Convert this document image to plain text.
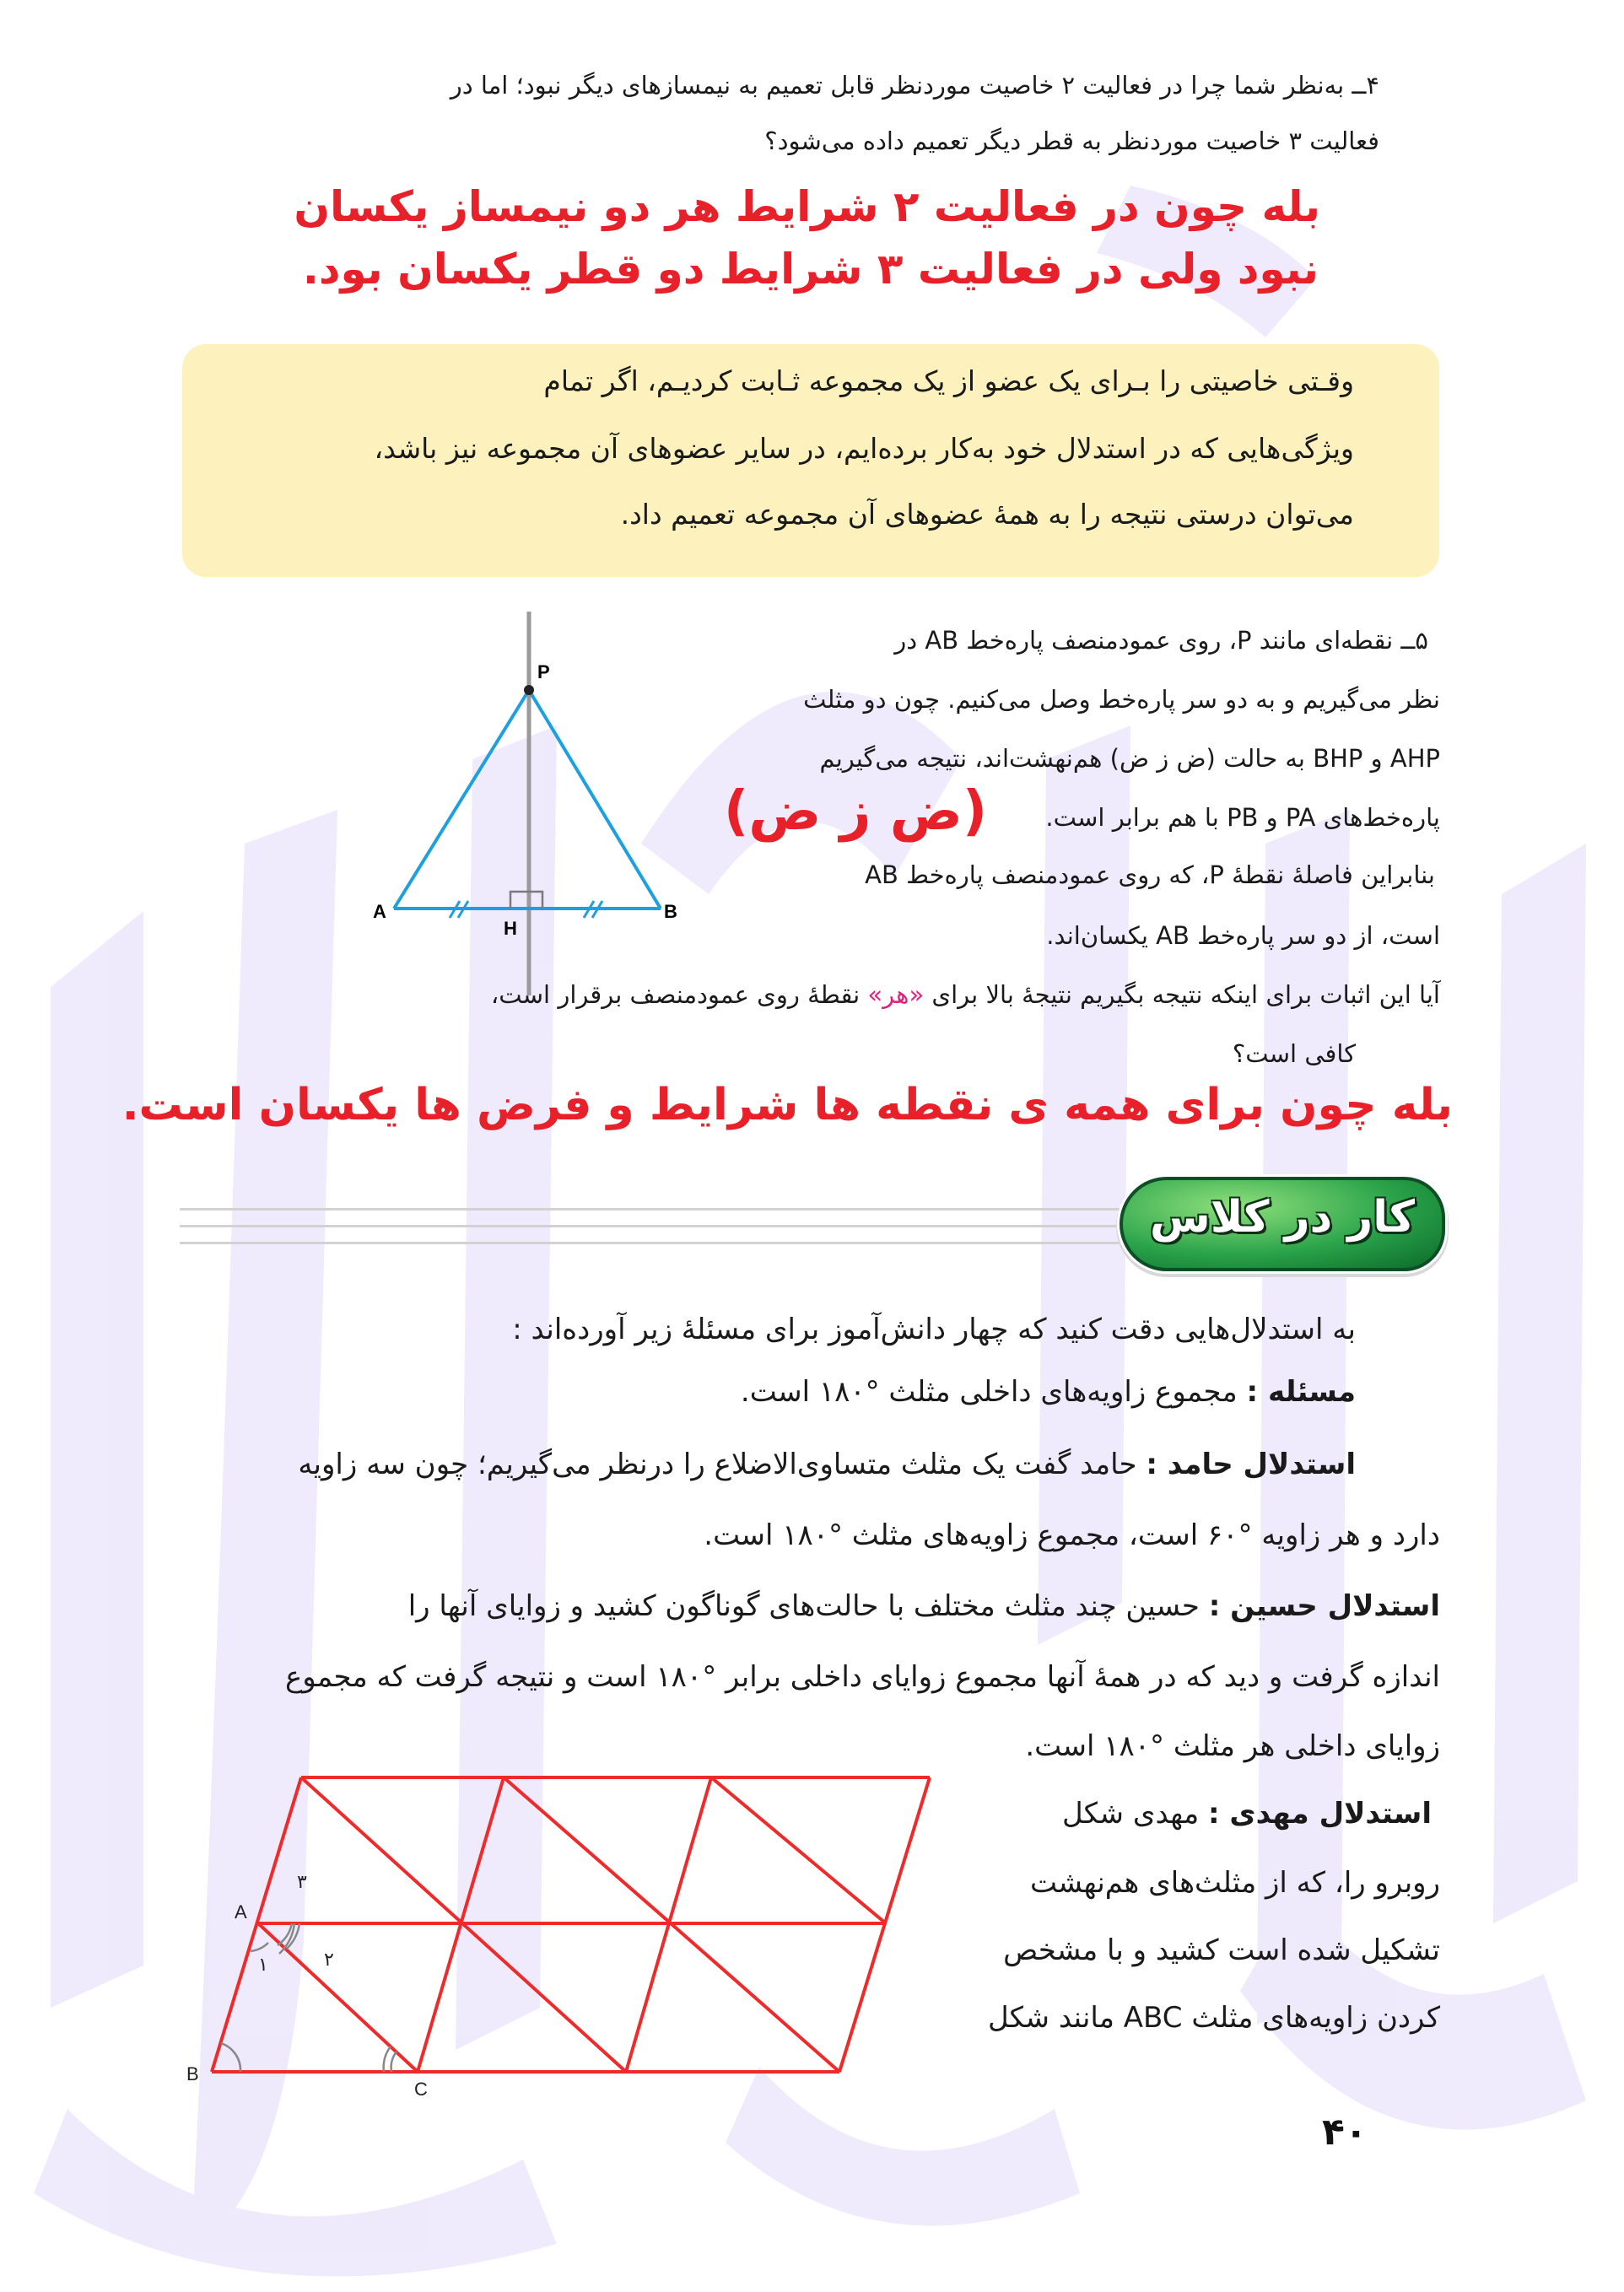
۴ــ به‌نظر شما چرا در فعالیت ۲ خاصیت موردنظر قابل تعمیم به نیمسازهای دیگر نبود؛ اما در
فعالیت ۳ خاصیت موردنظر به قطر دیگر تعمیم داده می‌شود؟
بله چون در فعالیت ۲ شرایط هر دو نیمساز یکسان
نبود ولی در فعالیت ۳ شرایط دو قطر یکسان بود.
وقـتی خاصیتی را بـرای یک عضو از یک مجموعه ثـابت کردیـم، اگر تمام
ویژگی‌هایی که در استدلال خود به‌کار برده‌ایم، در سایر عضوهای آن مجموعه نیز باشد،
می‌توان درستی نتیجه را به همهٔ عضوهای آن مجموعه تعمیم داد.
P
A	B
H
۵ــ نقطه‌ای مانند P، روی عمودمنصف پاره‌خط AB در
نظر می‌گیریم و به دو سر پاره‌خط وصل می‌کنیم. چون دو مثلث
AHP و BHP به حالت (ض ز ض) هم‌نهشت‌اند، نتیجه می‌گیریم
پاره‌خط‌های PA و PB با هم برابر است.
(ض ز ض)
بنابراین فاصلهٔ نقطهٔ P، که روی عمودمنصف پاره‌خط AB
است، از دو سر پاره‌خط AB یکسان‌اند.
آیا این اثبات برای اینکه نتیجه بگیریم نتیجهٔ بالا برای «هر» نقطهٔ روی عمودمنصف برقرار است،
کافی است؟
بله چون برای همه ی نقطه ها شرایط و فرض ها یکسان است.
کار در کلاس
به استدلال‌هایی دقت کنید که چهار دانش‌آموز برای مسئلهٔ زیر آورده‌اند :
مسئله : مجموع زاویه‌های داخلی مثلث °۱۸۰ است.
استدلال حامد : حامد گفت یک مثلث متساوی‌الاضلاع را درنظر می‌گیریم؛ چون سه زاویه
دارد و هر زاویه °۶۰ است، مجموع زاویه‌های مثلث °۱۸۰ است.
استدلال حسین : حسین چند مثلث مختلف با حالت‌های گوناگون کشید و زوایای آنها را
اندازه گرفت و دید که در همهٔ آنها مجموع زوایای داخلی برابر °۱۸۰ است و نتیجه گرفت که مجموع
زوایای داخلی هر مثلث °۱۸۰ است.
استدلال مهدی : مهدی شکل
روبرو را، که از مثلث‌های هم‌نهشت
تشکیل شده است کشید و با مشخص
کردن زاویه‌های مثلث ABC مانند شکل
A
B
C
۳
۲
۱
۴۰
